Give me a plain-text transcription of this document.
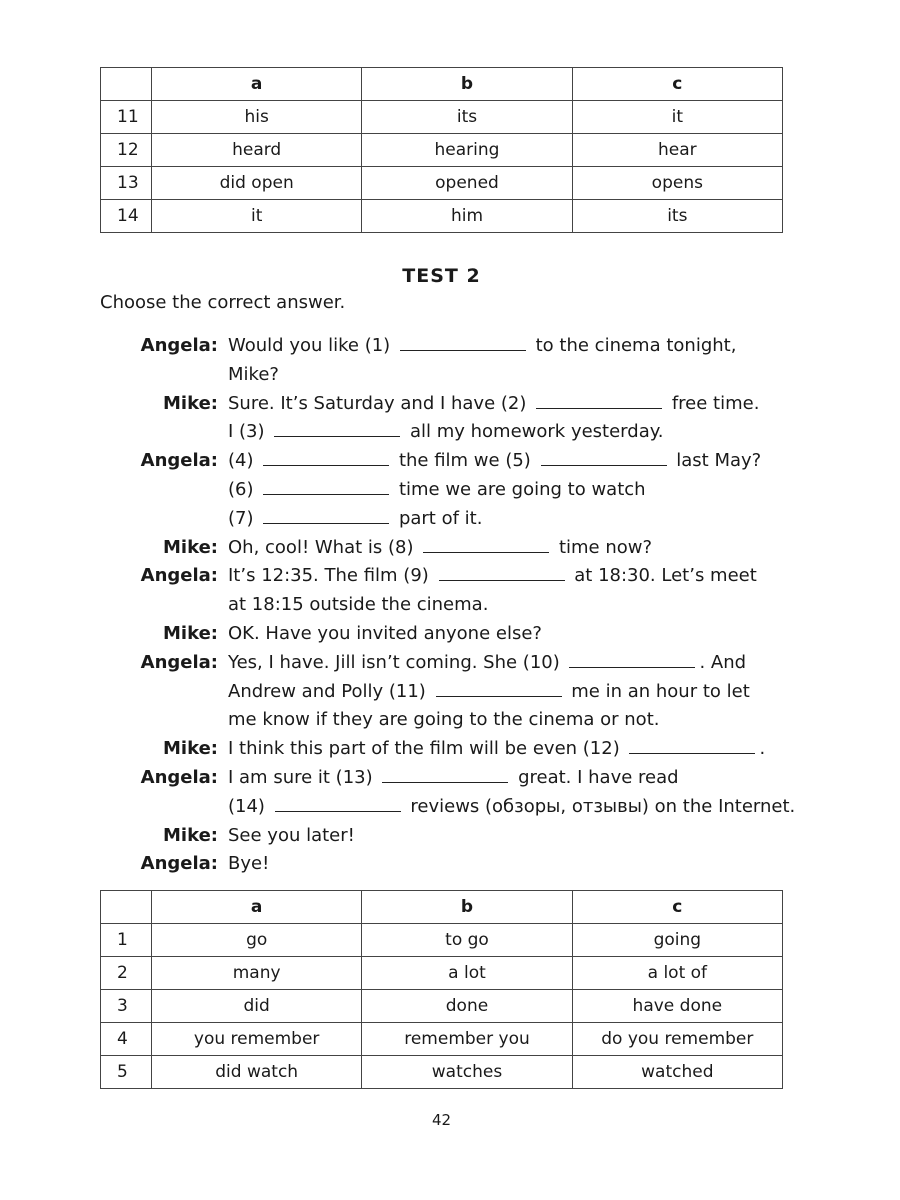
	a	b	c
11	his	its	it
12	heard	hearing	hear
13	did open	opened	opens
14	it	him	its
TEST 2
Choose the correct answer.
Angela: Would you like (1)	to the cinema tonight,
Mike?
Mike: Sure. It’s Saturday and I have (2)	free time.
I (3)	all my homework yesterday.
Angela: (4)	the film we (5)	last May?
(6)	time we are going to watch
(7)	part of it.
Mike: Oh, cool! What is (8)	time now?
Angela: It’s 12:35. The film (9)	at 18:30. Let’s meet
at 18:15 outside the cinema.
Mike: OK. Have you invited anyone else?
Angela: Yes, I have. Jill isn’t coming. She (10)	. And
Andrew and Polly (11)	me in an hour to let
me know if they are going to the cinema or not.
Mike: I think this part of the film will be even (12)	.
Angela: I am sure it (13)	great. I have read
(14)	reviews (обзоры, отзывы) on the Internet.
Mike: See you later!
Angela: Bye!
	a	b	c
1	go	to go	going
2	many	a lot	a lot of
3	did	done	have done
4	you remember	remember you	do you remember
5	did watch	watches	watched
42
